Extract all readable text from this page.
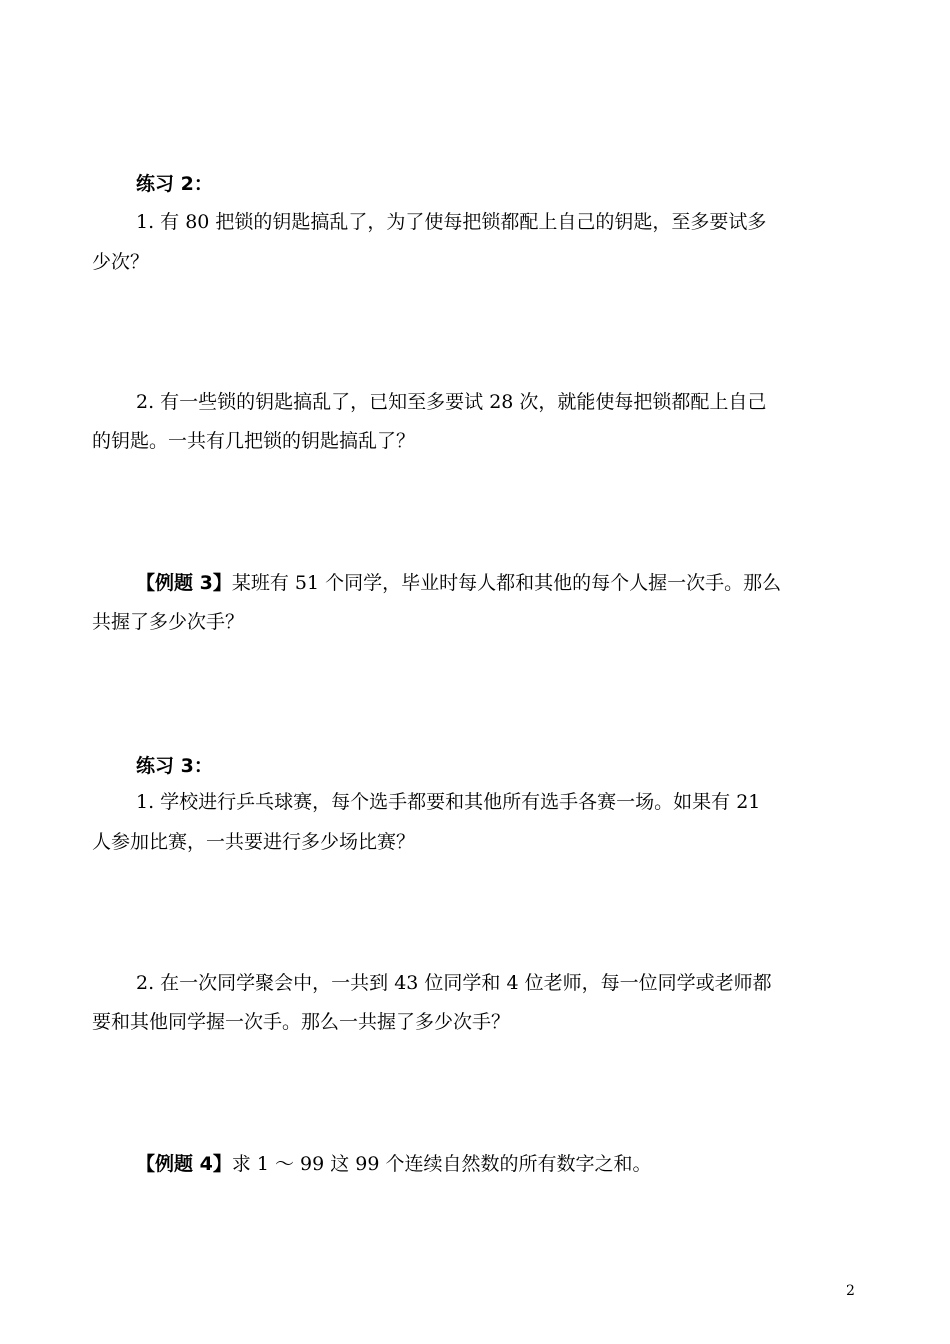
练习 2：
1. 有 80 把锁的钥匙搞乱了，为了使每把锁都配上自己的钥匙，至多要试多
少次？
2. 有一些锁的钥匙搞乱了，已知至多要试 28 次，就能使每把锁都配上自己
的钥匙。一共有几把锁的钥匙搞乱了？
【例题 3】某班有 51 个同学，毕业时每人都和其他的每个人握一次手。那么
共握了多少次手？
练习 3：
1. 学校进行乒乓球赛，每个选手都要和其他所有选手各赛一场。如果有 21
人参加比赛，一共要进行多少场比赛？
2. 在一次同学聚会中，一共到 43 位同学和 4 位老师，每一位同学或老师都
要和其他同学握一次手。那么一共握了多少次手？
【例题 4】求 1 ～ 99 这 99 个连续自然数的所有数字之和。
2
